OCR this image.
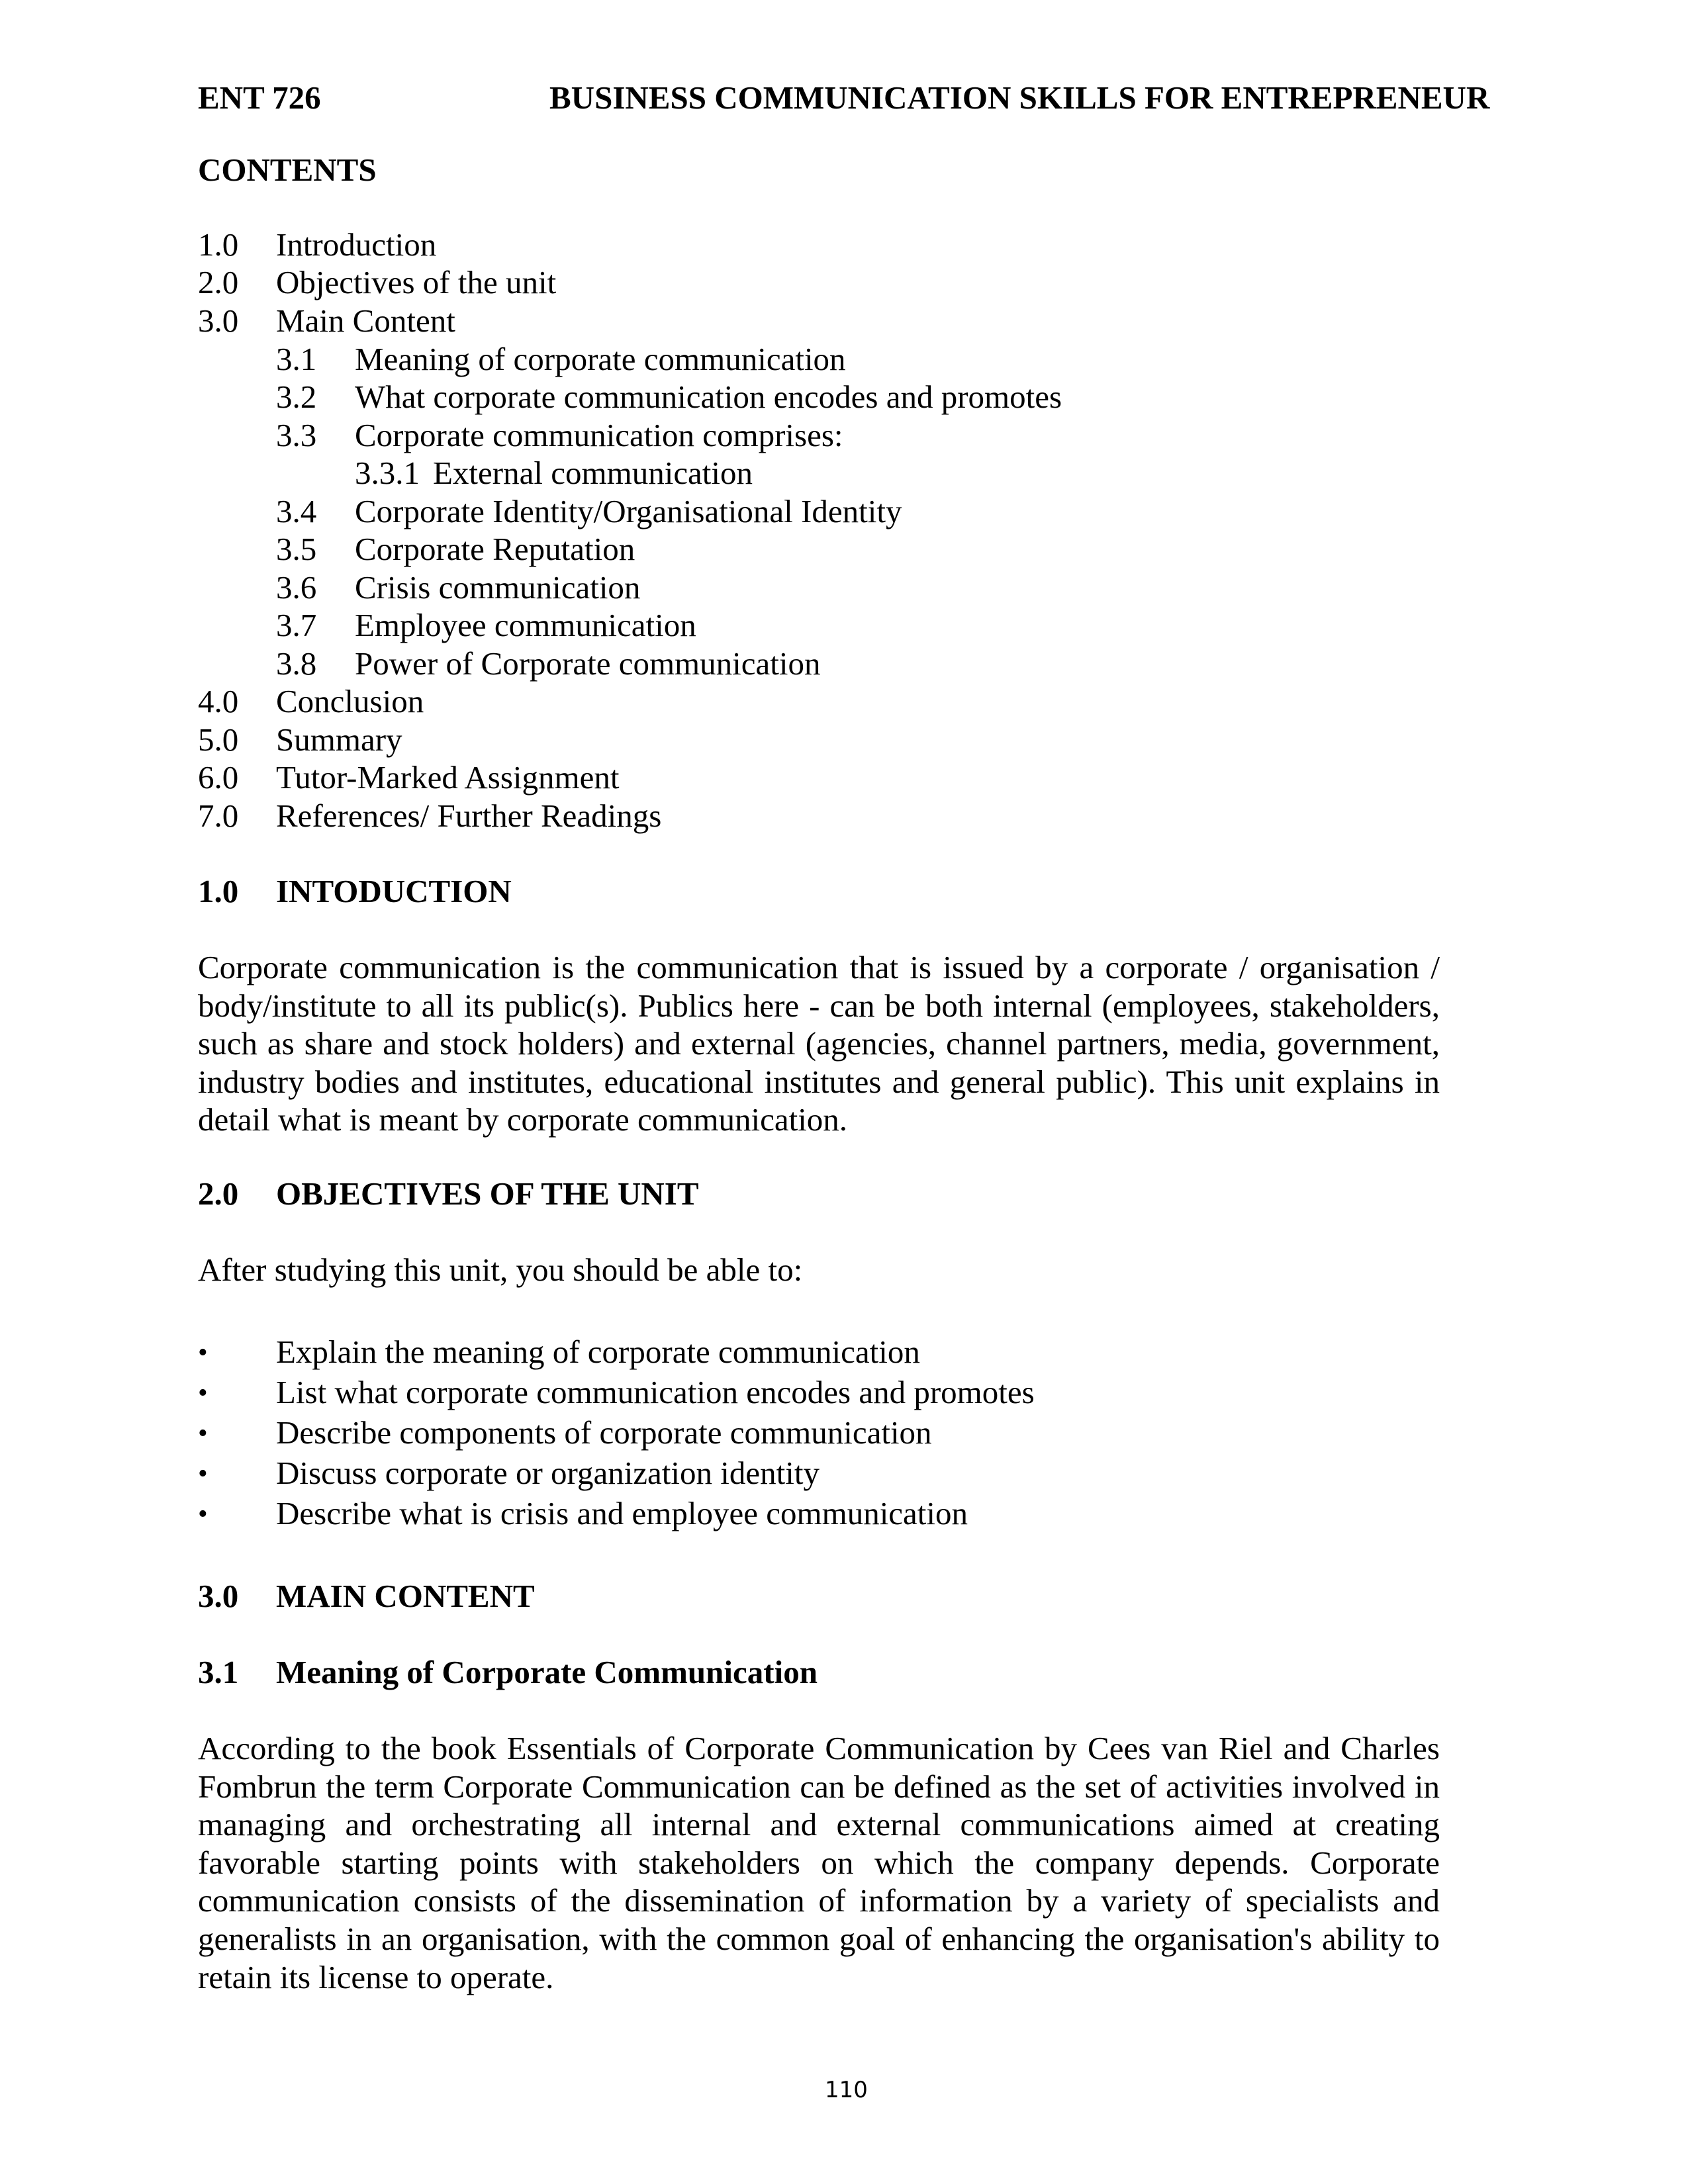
ENT 726	BUSINESS COMMUNICATION SKILLS FOR ENTREPRENEUR
CONTENTS
1.0 Introduction
2.0 Objectives of the unit
3.0 Main Content
3.1 Meaning of corporate communication
3.2 What corporate communication encodes and promotes
3.3 Corporate communication comprises:
3.3.1 External communication
3.4 Corporate Identity/Organisational Identity
3.5 Corporate Reputation
3.6 Crisis communication
3.7 Employee communication
3.8 Power of Corporate communication
4.0 Conclusion
5.0 Summary
6.0 Tutor-Marked Assignment
7.0 References/ Further Readings
1.0 INTODUCTION

Corporate communication is the communication that is issued by a corporate / organisation / body/institute to all its public(s). Publics here - can be both internal (employees, stakeholders, such as share and stock holders) and external (agencies, channel partners, media, government, industry bodies and institutes, educational institutes and general public). This unit explains in detail what is meant by corporate communication.

2.0 OBJECTIVES OF THE UNIT
After studying this unit, you should be able to:
• Explain the meaning of corporate communication
• List what corporate communication encodes and promotes
• Describe components of corporate communication
• Discuss corporate or organization identity
• Describe what is crisis and employee communication
3.0 MAIN CONTENT
3.1 Meaning of Corporate Communication

According to the book Essentials of Corporate Communication by Cees van Riel and Charles Fombrun the term Corporate Communication can be defined as the set of activities involved in managing and orchestrating all internal and external communications aimed at creating favorable starting points with stakeholders on which the company depends. Corporate communication consists of the dissemination of information by a variety of specialists and generalists in an organisation, with the common goal of enhancing the organisation's ability to retain its license to operate.

110
